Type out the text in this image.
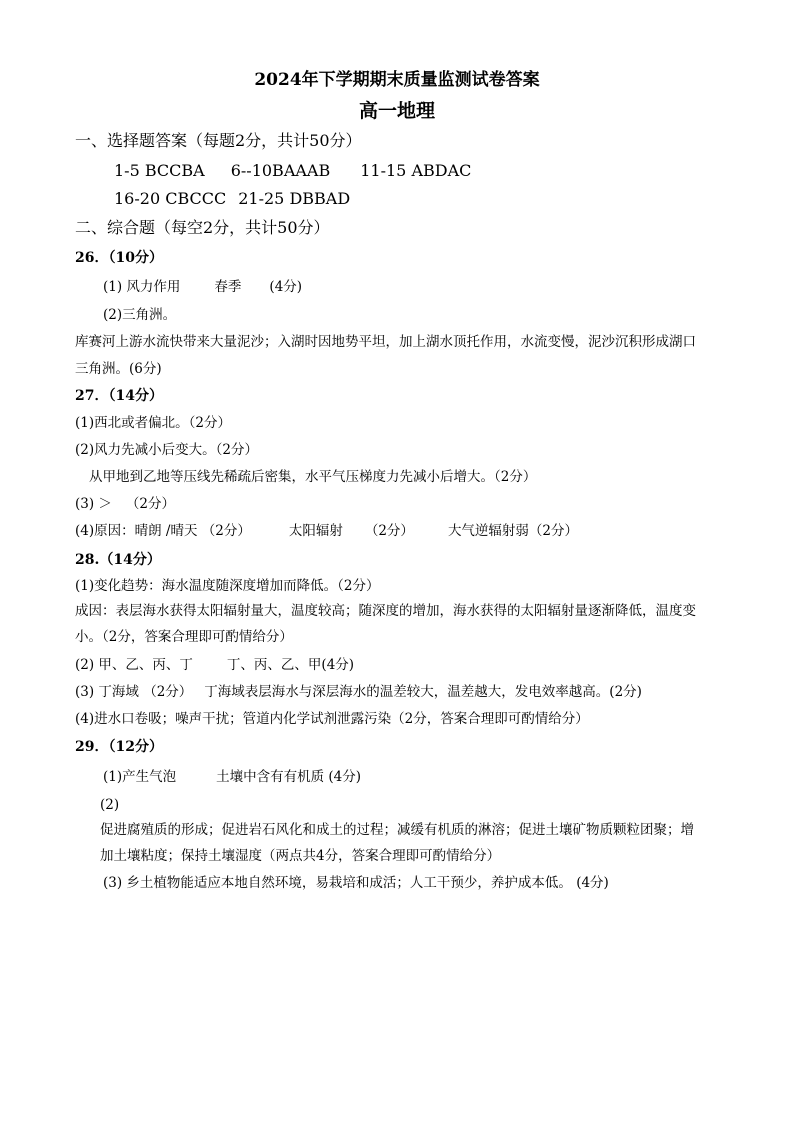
2024年下学期期末质量监测试卷答案
高一地理
一、选择题答案（每题2分，共计50分）
1-5 BCCBA 6--10BAAAB 11-15 ABDAC
16-20 CBCCC 21-25 DBBAD
二、综合题（每空2分，共计50分）
26．（10分）
(1) 风力作用	春季 (4分)
(2)三角洲。
库赛河上游水流快带来大量泥沙；入湖时因地势平坦，加上湖水顶托作用，水流变慢，泥沙沉积形成湖口
三角洲。(6分)
27．（14分）
(1)西北或者偏北。（2分）
(2)风力先减小后变大。（2分）
从甲地到乙地等压线先稀疏后密集，水平气压梯度力先减小后增大。（2分）
(3) ＞ （2分）
(4)原因：晴朗 /晴天 （2分）	太阳辐射 （2分）	大气逆辐射弱（2分）
28.（14分）
(1)变化趋势：海水温度随深度增加而降低。（2分）
成因：表层海水获得太阳辐射量大，温度较高；随深度的增加，海水获得的太阳辐射量逐渐降低，温度变
小。（2分，答案合理即可酌情给分）
(2) 甲、乙、丙、丁	丁、丙、乙、甲(4分)
(3) 丁海域 （2分） 丁海域表层海水与深层海水的温差较大，温差越大，发电效率越高。(2分)
(4)进水口卷吸；噪声干扰；管道内化学试剂泄露污染（2分，答案合理即可酌情给分）
29．（12分）
(1)产生气泡	土壤中含有有机质 (4分)
(2)
促进腐殖质的形成；促进岩石风化和成土的过程；减缓有机质的淋溶；促进土壤矿物质颗粒团聚；增
加土壤粘度；保持土壤湿度（两点共4分，答案合理即可酌情给分）
(3) 乡土植物能适应本地自然环境，易栽培和成活；人工干预少，养护成本低。 (4分)
